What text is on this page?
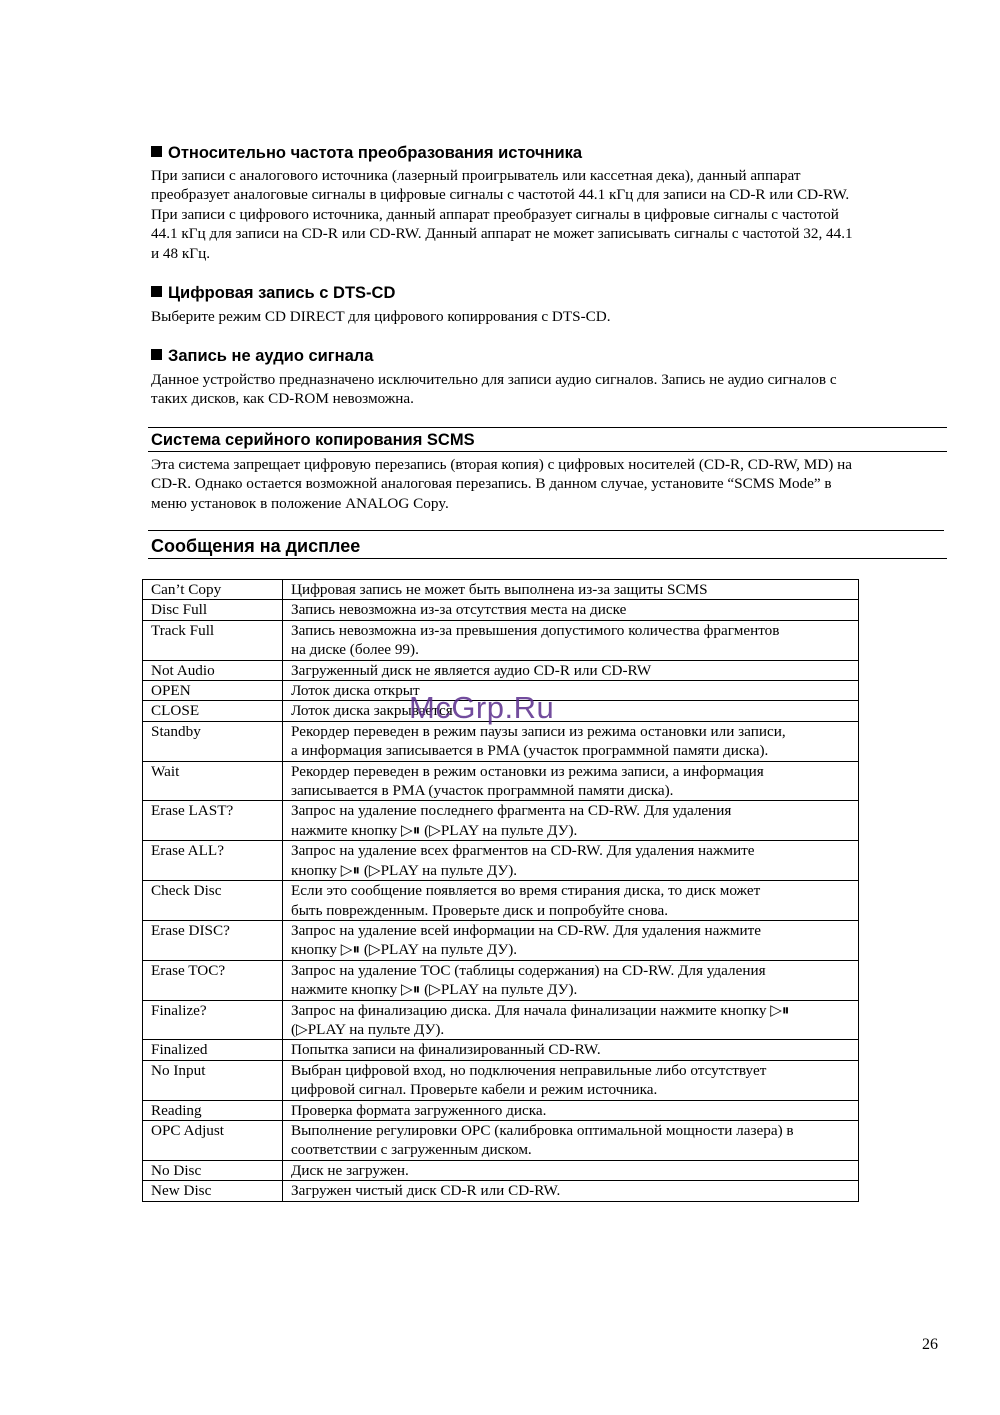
Относительно частота преобразования источника
При записи с аналогового источника (лазерный проигрыватель или кассетная дека), данный аппарат
преобразует аналоговые сигналы в цифровые сигналы с частотой 44.1 кГц для записи на CD-R или CD-RW.
При записи с цифрового источника, данный аппарат преобразует сигналы в цифровые сигналы с частотой
44.1 кГц для записи на CD-R или CD-RW. Данный аппарат не может записывать сигналы с частотой 32, 44.1
и 48 кГц.
Цифровая запись с DTS-CD
Выберите режим CD DIRECT для цифрового копиррования с DTS-CD.
Запись не аудио сигнала
Данное устройство предназначено исключительно для записи аудио сигналов. Запись не аудио сигналов с
таких дисков, как CD-ROM невозможна.
Система серийного копирования SCMS
Эта система запрещает цифровую перезапись (вторая копия) с цифровых носителей (CD-R, CD-RW, MD) на
CD-R. Однако остается возможной аналоговая перезапись. В данном случае, установите “SCMS Mode” в
меню установок в положение ANALOG Copy.
Сообщения на дисплее
Can’t Copy	Цифровая запись не может быть выполнена из-за защиты SCMS

Disc Full	Запись невозможна из-за отсутствия места на диске

Track Full	Запись невозможна из-за превышения допустимого количества фрагментов
на диске (более 99).

Not Audio	Загруженный диск не является аудио CD-R или CD-RW

OPEN	Лоток диска открыт

CLOSE	Лоток диска закрывается

Standby	Рекордер переведен в режим паузы записи из режима остановки или записи,
а информация записывается в PMA (участок программной памяти диска).

Wait	Рекордер переведен в режим остановки из режима записи, а информация
записывается в PMA (участок программной памяти диска).

Erase LAST?	Запрос на удаление последнего фрагмента на CD-RW. Для удаления
нажмите кнопку ▷⏸ (▷PLAY на пульте ДУ).

Erase ALL?	Запрос на удаление всех фрагментов на CD-RW. Для удаления нажмите
кнопку ▷⏸ (▷PLAY на пульте ДУ).

Check Disc	Если это сообщение появляется во время стирания диска, то диск может
быть поврежденным. Проверьте диск и попробуйте снова.

Erase DISC?	Запрос на удаление всей информации на CD-RW. Для удаления нажмите
кнопку ▷⏸ (▷PLAY на пульте ДУ).

Erase TOC?	Запрос на удаление TOC (таблицы содержания) на CD-RW. Для удаления
нажмите кнопку ▷⏸ (▷PLAY на пульте ДУ).

Finalize?	Запрос на финализацию диска. Для начала финализации нажмите кнопку ▷⏸
(▷PLAY на пульте ДУ).

Finalized	Попытка записи на финализированный CD-RW.

No Input	Выбран цифровой вход, но подключения неправильные либо отсутствует
цифровой сигнал. Проверьте кабели и режим источника.

Reading	Проверка формата загруженного диска.

OPC Adjust	Выполнение регулировки OPC (калибровка оптимальной мощности лазера) в
соответствии с загруженным диском.

No Disc	Диск не загружен.

New Disc	Загружен чистый диск CD-R или CD-RW.
McGrp.Ru
26
